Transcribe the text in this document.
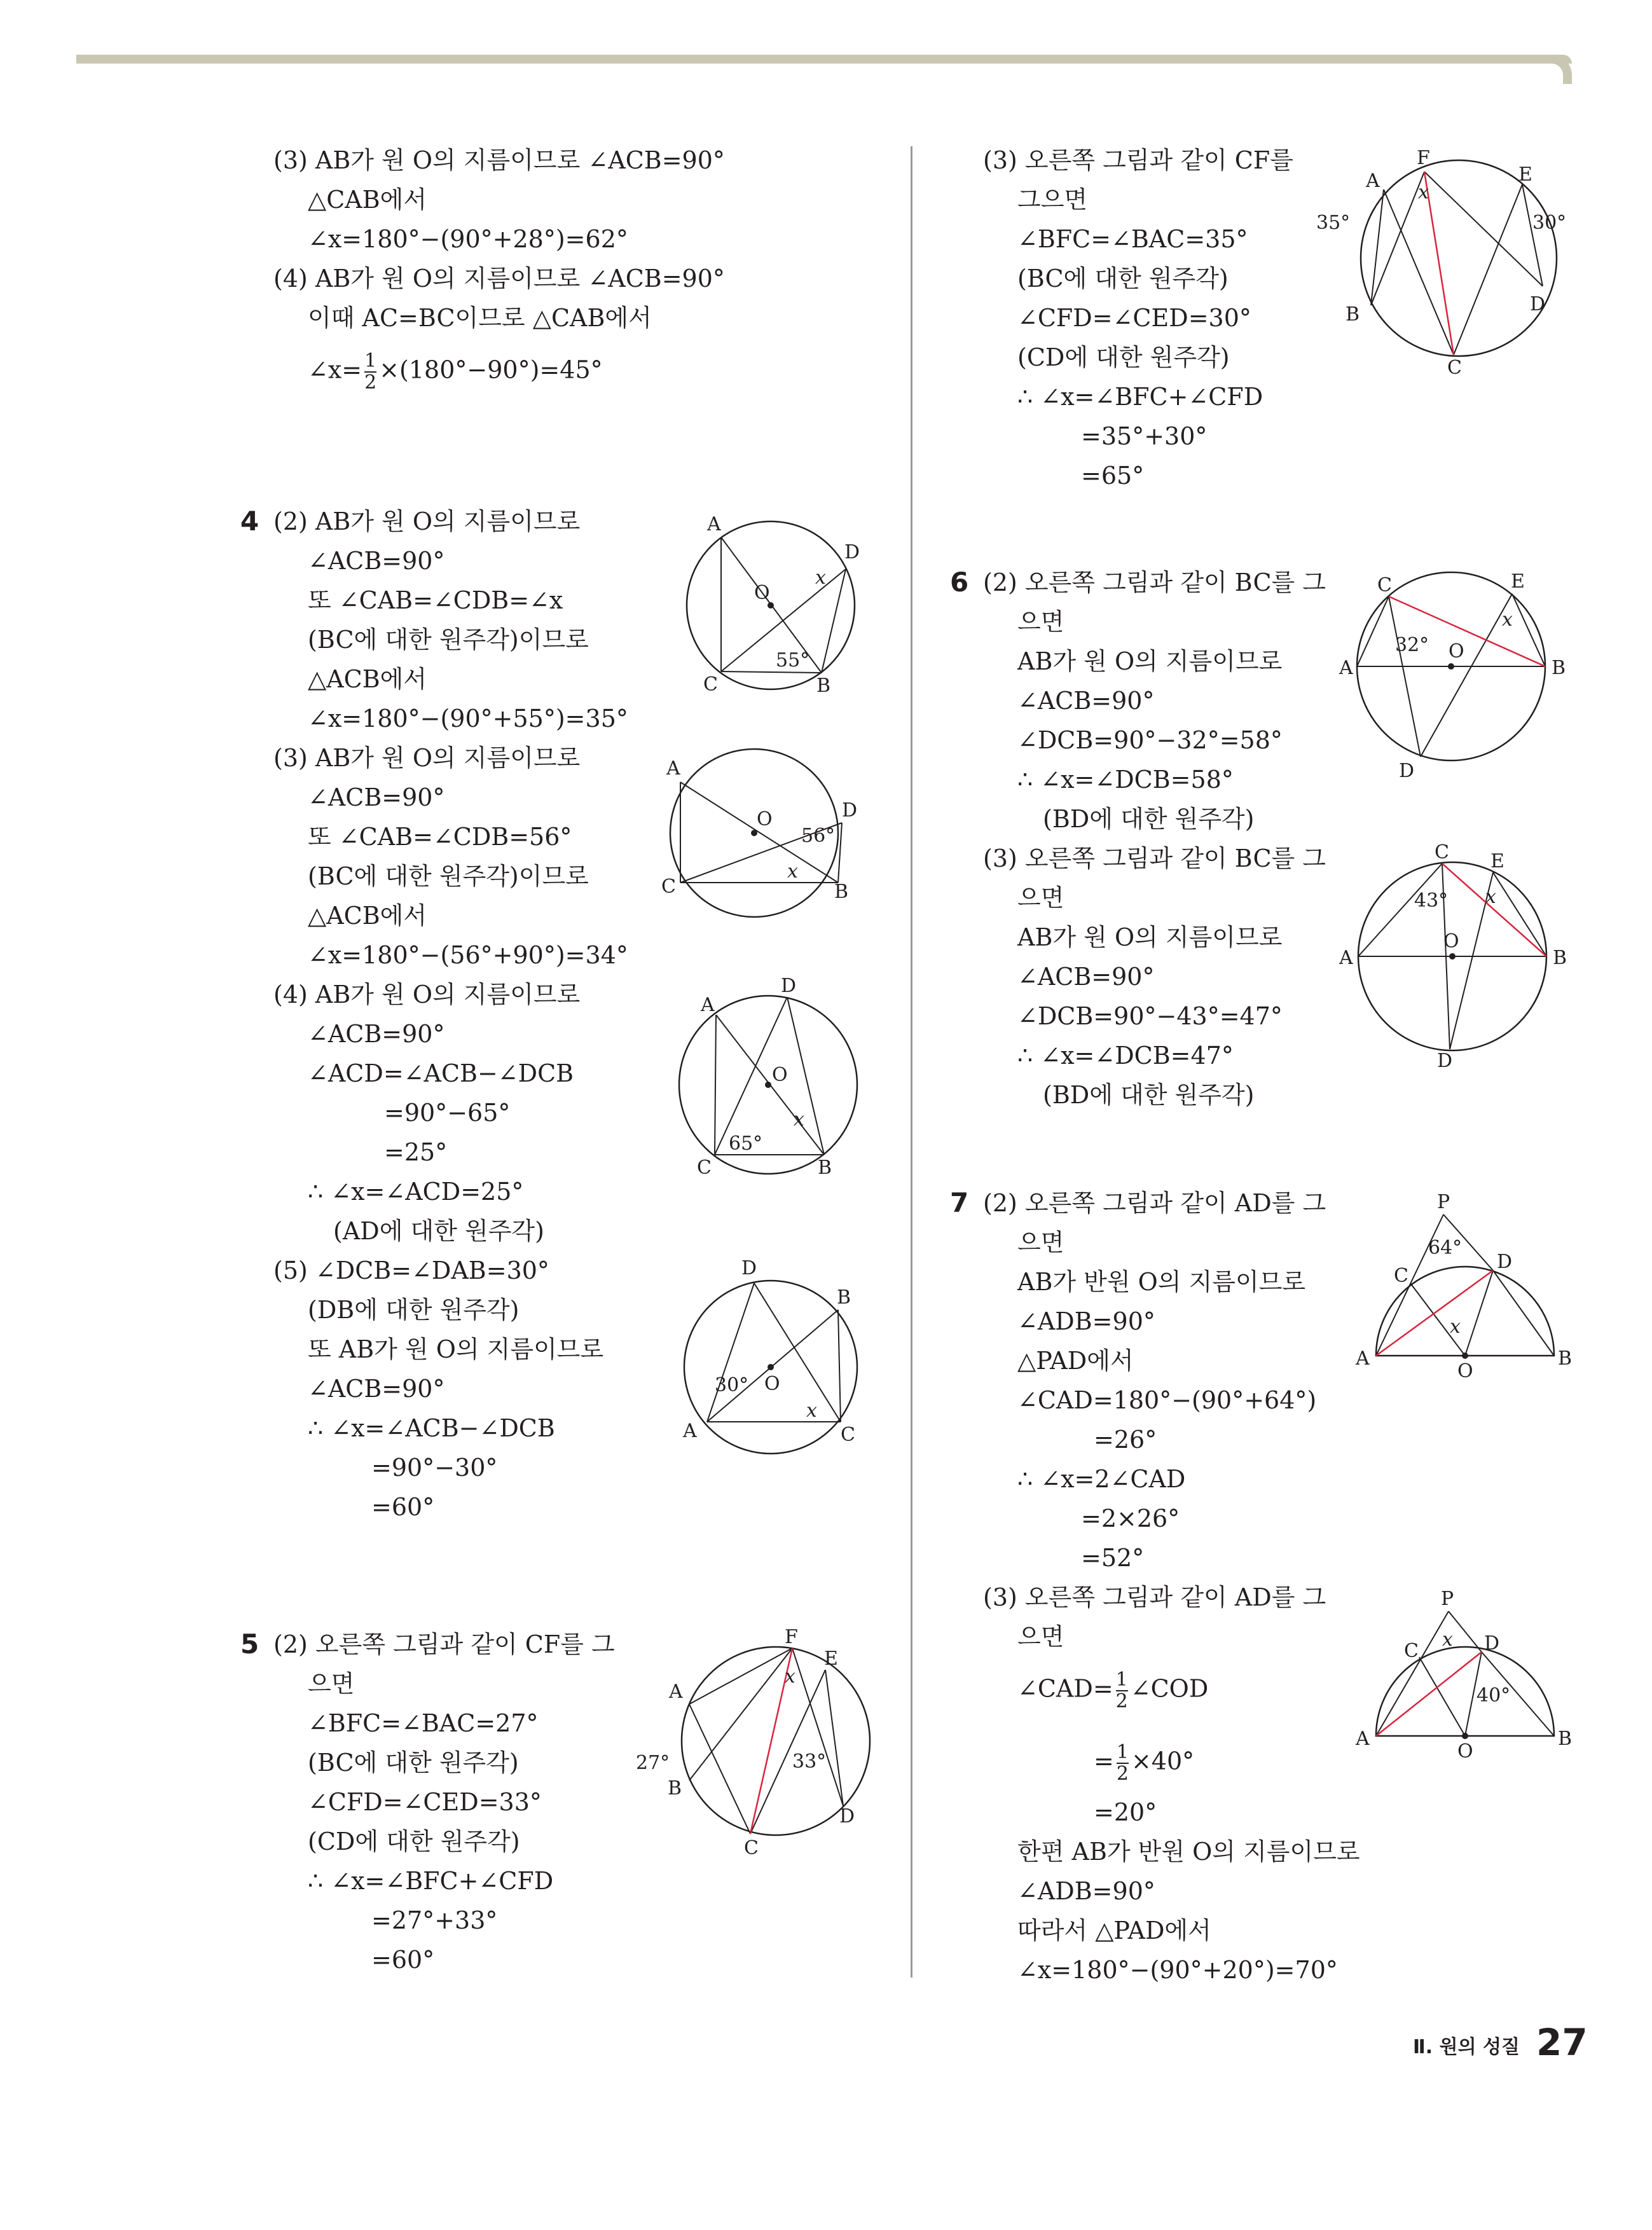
(3) AB가 원 O의 지름이므로 ∠ACB=90°
△CAB에서
∠x=180°−(90°+28°)=62°
(4) AB가 원 O의 지름이므로 ∠ACB=90°
이때 AC=BC이므로 △CAB에서
∠x= $\frac{1}{2} \times(180^\circ-90^\circ)=45^\circ$
4 (2) AB가 원 O의 지름이므로
∠ACB=90°
또 ∠CAB=∠CDB=∠x
(BC에 대한 원주각)이므로
△ACB에서
∠x=180°−(90°+55°)=35°
(3) AB가 원 O의 지름이므로
∠ACB=90°
또 ∠CAB=∠CDB=56°
(BC에 대한 원주각)이므로
△ACB에서
∠x=180°−(56°+90°)=34°
(4) AB가 원 O의 지름이므로
∠ACB=90°
∠ACD=∠ACB−∠DCB
=90°−65°
=25°
∴ ∠x=∠ACD=25°
(AD에 대한 원주각)
(5) ∠DCB=∠DAB=30°
(DB에 대한 원주각)
또 AB가 원 O의 지름이므로
∠ACB=90°
∴ ∠x=∠ACB−∠DCB
=90°−30°
=60°
5 (2) 오른쪽 그림과 같이 CF를 그
으면
∠BFC=∠BAC=27°
(BC에 대한 원주각)
∠CFD=∠CED=33°
(CD에 대한 원주각)
∴ ∠x=∠BFC+∠CFD
=27°+33°
=60°
(3) 오른쪽 그림과 같이 CF를
그으면
∠BFC=∠BAC=35°
(BC에 대한 원주각)
∠CFD=∠CED=30°
(CD에 대한 원주각)
∴ ∠x=∠BFC+∠CFD
=35°+30°
=65°
6 (2) 오른쪽 그림과 같이 BC를 그
으면
AB가 원 O의 지름이므로
∠ACB=90°
∠DCB=90°−32°=58°
∴ ∠x=∠DCB=58°
(BD에 대한 원주각)
(3) 오른쪽 그림과 같이 BC를 그
으면
AB가 원 O의 지름이므로
∠ACB=90°
∠DCB=90°−43°=47°
∴ ∠x=∠DCB=47°
(BD에 대한 원주각)
7 (2) 오른쪽 그림과 같이 AD를 그
으면
AB가 반원 O의 지름이므로
∠ADB=90°
△PAD에서
∠CAD=180°−(90°+64°)
=26°
∴ ∠x=2∠CAD
=2×26°
=52°
(3) 오른쪽 그림과 같이 AD를 그
으면
∠CAD= $\frac{1}{2}$ ∠COD
= $\frac{1}{2} \times 40^\circ$
=20°
한편 AB가 반원 O의 지름이므로
∠ADB=90°
따라서 △PAD에서
∠x=180°−(90°+20°)=70°
A
D
O
x
55°
C	B
A
O	D
56°
C
x
B
A
D
O
x
65°
C	B
D
B
30° O
x
A	C
F
E
A
x
27°	33°
B
D
C
F
A	E
x
35°	30°
B	D
C
C	E
x
32° O
A	B
D
C E
43° x
O
A	B
D
P
64°
D
C
x
A
O
B
P
x
C	D
40°
A
O
B
Ⅱ. 원의 성질 27
